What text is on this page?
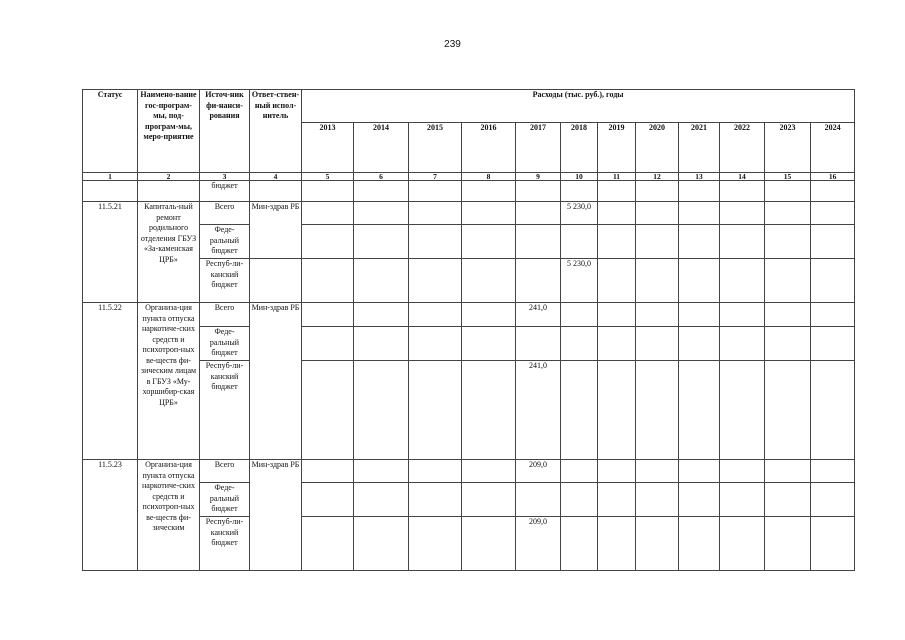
239
Статус	Наимено-вание гос-програм-мы, под-програм-мы, меро-приятие	Источ-ник фи-нанси-рования	Ответ-ствен-ный испол-нитель	Расходы (тыс. руб.), годы											
				2013	2014	2015	2016	2017	2018	2019	2020	2021	2022	2023	2024
1	2	3	4	5	6	7	8	9	10	11	12	13	14	15	16
		бюджет													
11.5.21	Капиталь-ный ремонт родильного отделения ГБУЗ «За-каменская ЦРБ»	Всего	Мин-здрав РБ						5 230,0						
		Феде-ральный бюджет													
		Респуб-ли-канский бюджет							5 230,0						
11.5.22	Организа-ция пункта отпуска наркотиче-ских средств и психотроп-ных ве-ществ фи-зическим лицам в ГБУЗ «Му-хоршибир-ская ЦРБ»	Всего	Мин-здрав РБ					241,0							
		Феде-ральный бюджет													
		Респуб-ли-канский бюджет						241,0							
11.5.23	Организа-ция пункта отпуска наркотиче-ских средств и психотроп-ных ве-ществ фи-зическим	Всего	Мин-здрав РБ					209,0							
		Феде-ральный бюджет													
		Респуб-ли-канский бюджет						209,0							
